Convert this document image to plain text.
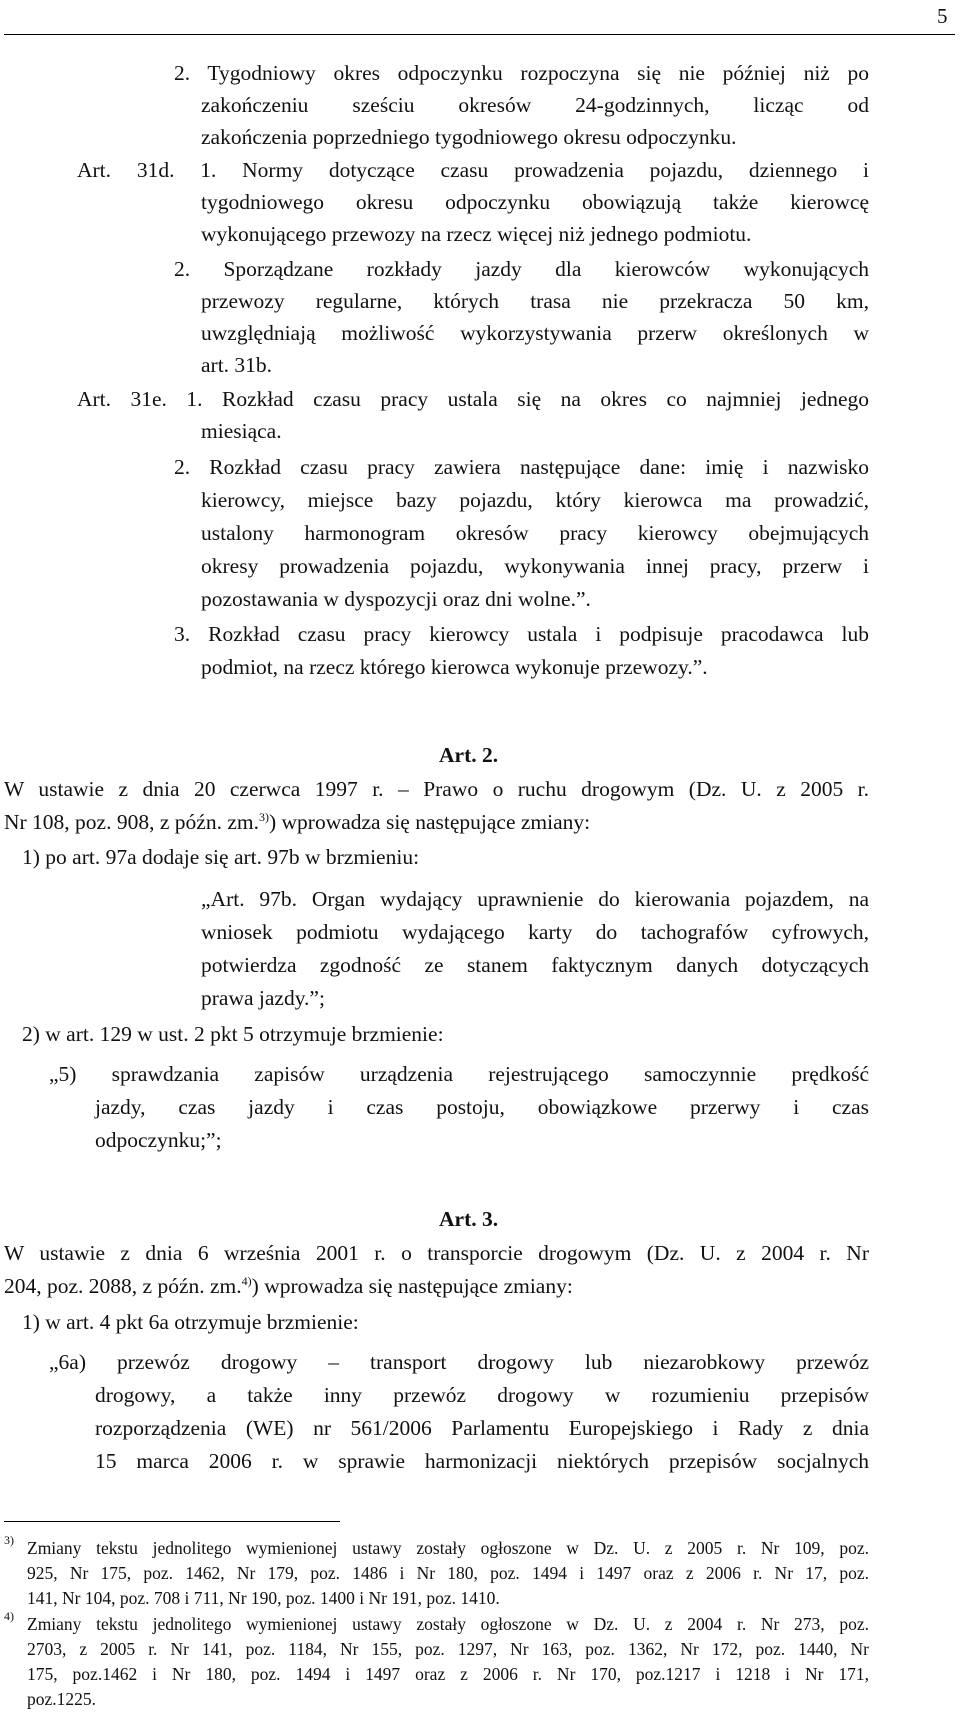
5
2. Tygodniowy okres odpoczynku rozpoczyna się nie później niż po
zakończeniu sześciu okresów 24-godzinnych, licząc od
zakończenia poprzedniego tygodniowego okresu odpoczynku.
Art. 31d. 1. Normy dotyczące czasu prowadzenia pojazdu, dziennego i
tygodniowego okresu odpoczynku obowiązują także kierowcę
wykonującego przewozy na rzecz więcej niż jednego podmiotu.
2. Sporządzane rozkłady jazdy dla kierowców wykonujących
przewozy regularne, których trasa nie przekracza 50 km,
uwzględniają możliwość wykorzystywania przerw określonych w
art. 31b.
Art. 31e. 1. Rozkład czasu pracy ustala się na okres co najmniej jednego
miesiąca.
2. Rozkład czasu pracy zawiera następujące dane: imię i nazwisko
kierowcy, miejsce bazy pojazdu, który kierowca ma prowadzić,
ustalony harmonogram okresów pracy kierowcy obejmujących
okresy prowadzenia pojazdu, wykonywania innej pracy, przerw i
pozostawania w dyspozycji oraz dni wolne.”.
3. Rozkład czasu pracy kierowcy ustala i podpisuje pracodawca lub
podmiot, na rzecz którego kierowca wykonuje przewozy.”.
Art. 2.
W ustawie z dnia 20 czerwca 1997 r. – Prawo o ruchu drogowym (Dz. U. z 2005 r.
Nr 108, poz. 908, z późn. zm.$^{3)}$) wprowadza się następujące zmiany:
1) po art. 97a dodaje się art. 97b w brzmieniu:
„Art. 97b. Organ wydający uprawnienie do kierowania pojazdem, na
wniosek podmiotu wydającego karty do tachografów cyfrowych,
potwierdza zgodność ze stanem faktycznym danych dotyczących
prawa jazdy.”;
2) w art. 129 w ust. 2 pkt 5 otrzymuje brzmienie:
„5) sprawdzania zapisów urządzenia rejestrującego samoczynnie prędkość
jazdy, czas jazdy i czas postoju, obowiązkowe przerwy i czas
odpoczynku;”;
Art. 3.
W ustawie z dnia 6 września 2001 r. o transporcie drogowym (Dz. U. z 2004 r. Nr
204, poz. 2088, z późn. zm.$^{4)}$) wprowadza się następujące zmiany:
1) w art. 4 pkt 6a otrzymuje brzmienie:
„6a) przewóz drogowy – transport drogowy lub niezarobkowy przewóz
drogowy, a także inny przewóz drogowy w rozumieniu przepisów
rozporządzenia (WE) nr 561/2006 Parlamentu Europejskiego i Rady z dnia
15 marca 2006 r. w sprawie harmonizacji niektórych przepisów socjalnych
3) Zmiany tekstu jednolitego wymienionej ustawy zostały ogłoszone w Dz. U. z 2005 r. Nr 109, poz.
925, Nr 175, poz. 1462, Nr 179, poz. 1486 i Nr 180, poz. 1494 i 1497 oraz z 2006 r. Nr 17, poz.
141, Nr 104, poz. 708 i 711, Nr 190, poz. 1400 i Nr 191, poz. 1410.
4) Zmiany tekstu jednolitego wymienionej ustawy zostały ogłoszone w Dz. U. z 2004 r. Nr 273, poz.
2703, z 2005 r. Nr 141, poz. 1184, Nr 155, poz. 1297, Nr 163, poz. 1362, Nr 172, poz. 1440, Nr
175, poz.1462 i Nr 180, poz. 1494 i 1497 oraz z 2006 r. Nr 170, poz.1217 i 1218 i Nr 171,
poz.1225.
